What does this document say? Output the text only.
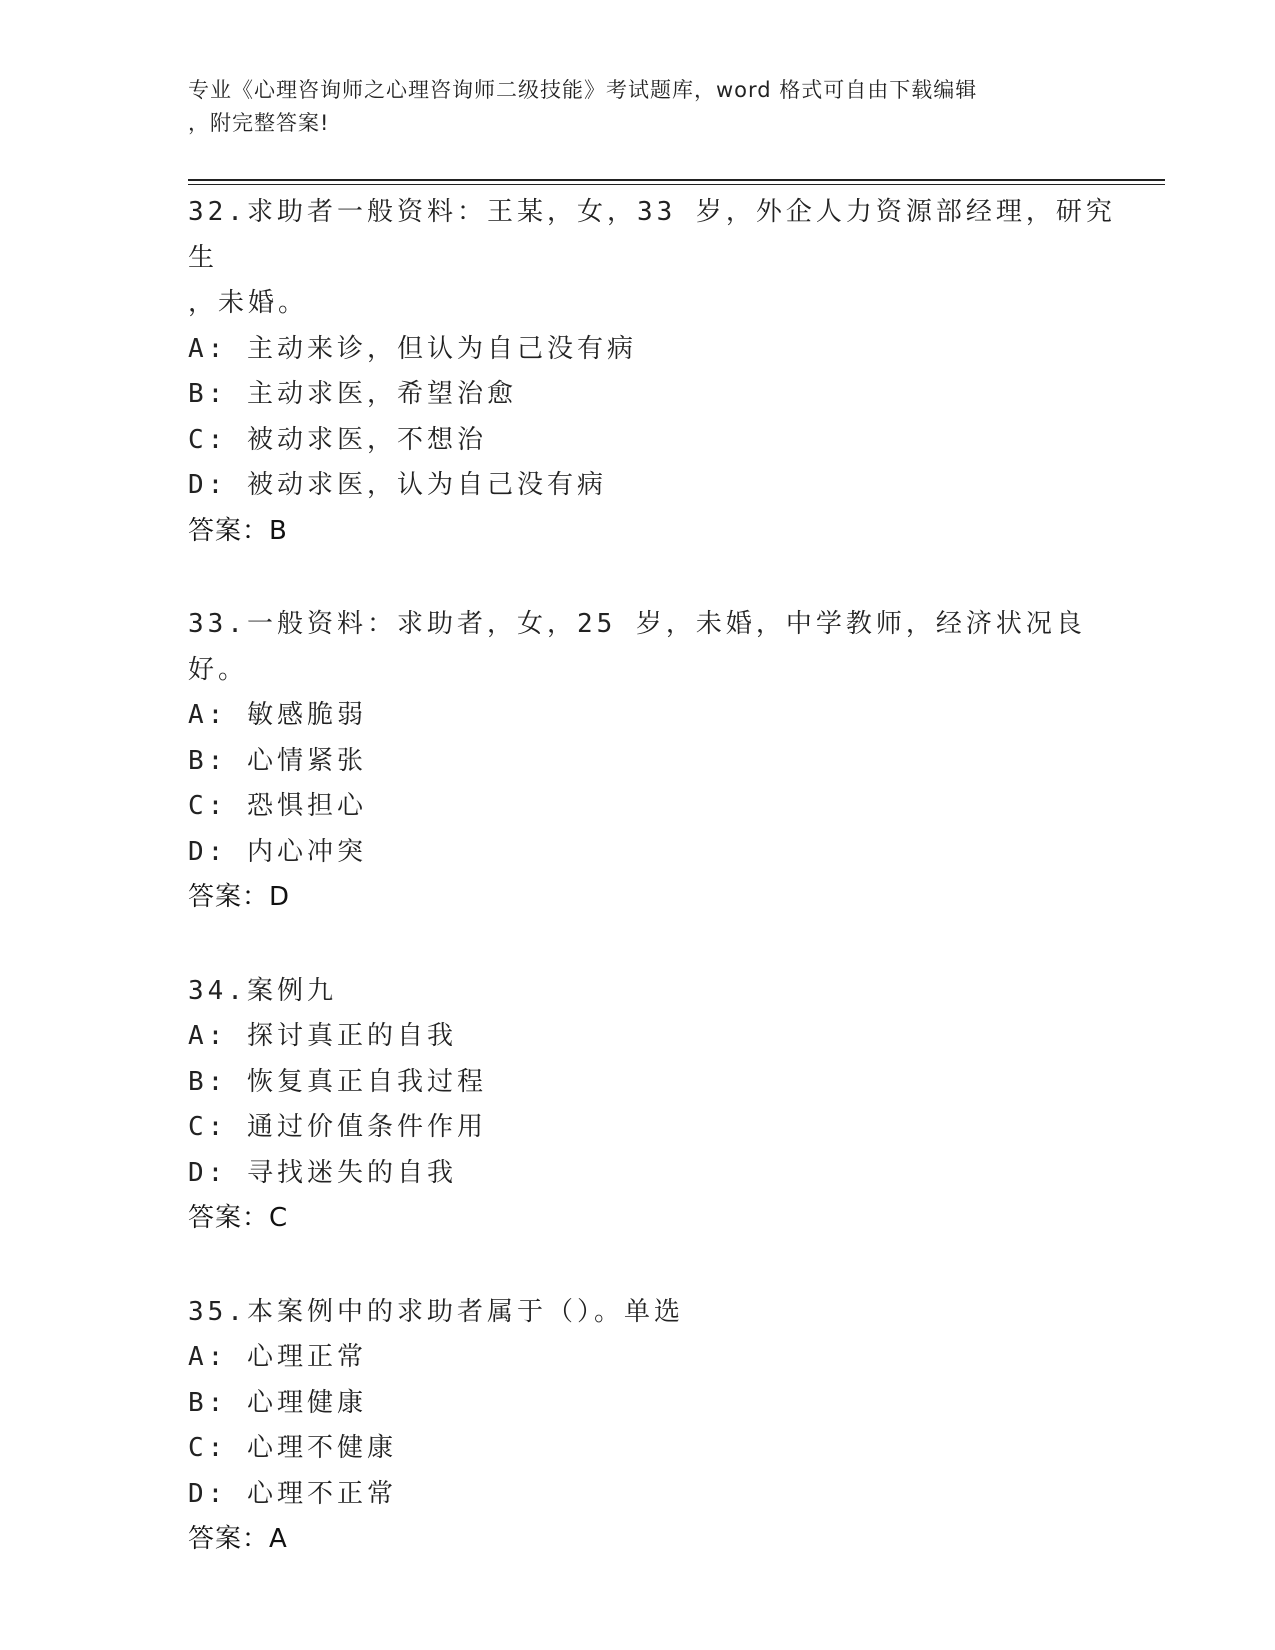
专业《心理咨询师之心理咨询师二级技能》考试题库，word 格式可自由下载编辑
，附完整答案!
32.求助者一般资料：王某，女，33 岁，外企人力资源部经理，研究生
，未婚。
A: 主动来诊，但认为自己没有病
B: 主动求医，希望治愈
C: 被动求医，不想治
D: 被动求医，认为自己没有病
答案：B
33.一般资料：求助者，女，25 岁，未婚，中学教师，经济状况良好。
A: 敏感脆弱
B: 心情紧张
C: 恐惧担心
D: 内心冲突
答案：D
34.案例九
A: 探讨真正的自我
B: 恢复真正自我过程
C: 通过价值条件作用
D: 寻找迷失的自我
答案：C
35.本案例中的求助者属于（）。单选
A: 心理正常
B: 心理健康
C: 心理不健康
D: 心理不正常
答案：A
